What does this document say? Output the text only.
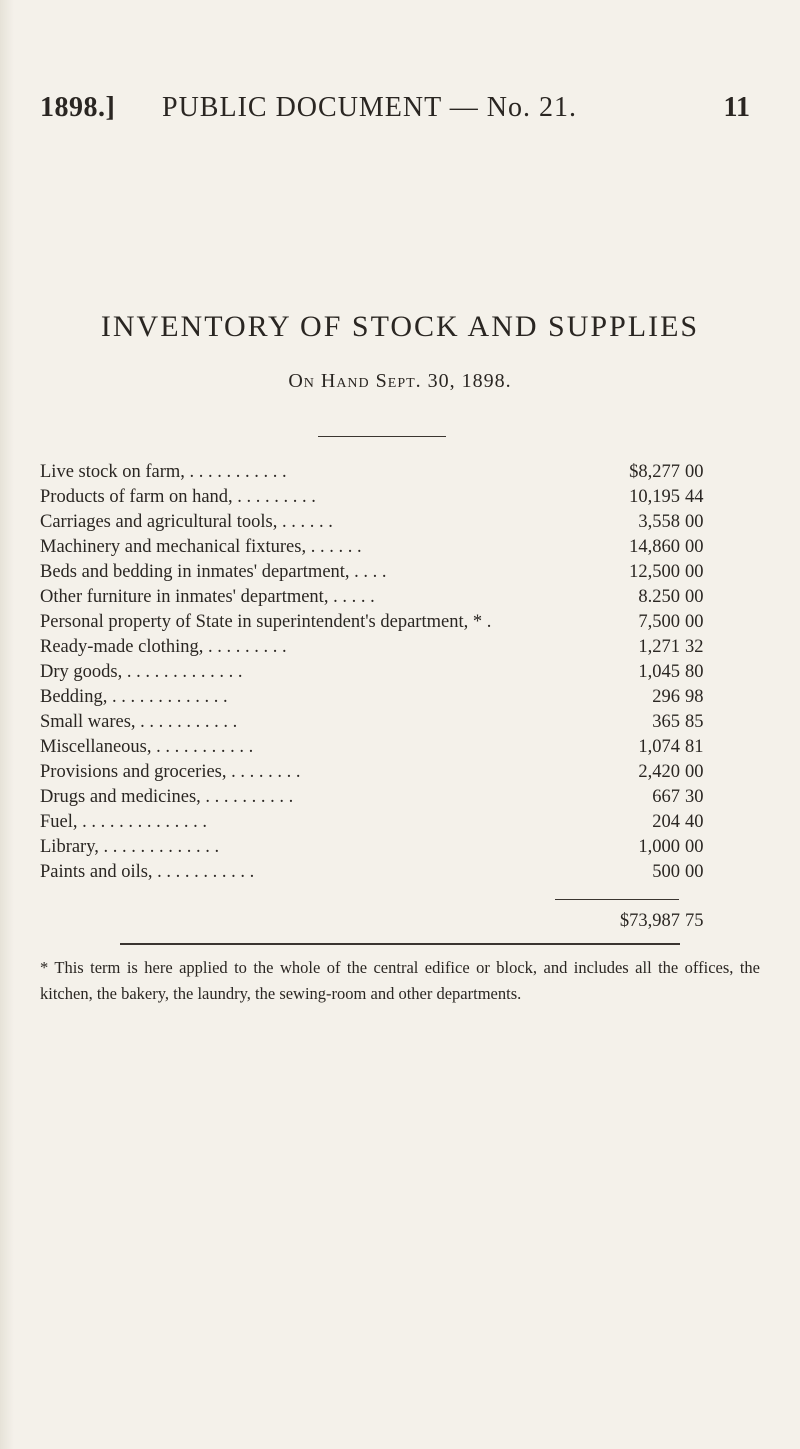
1898.] PUBLIC DOCUMENT — No. 21.	11
INVENTORY OF STOCK AND SUPPLIES
On Hand Sept. 30, 1898.
Live stock on farm, . . . . . . . . . . .	$8,277 00
Products of farm on hand, . . . . . . . . .	10,195 44
Carriages and agricultural tools, . . . . . .	3,558 00
Machinery and mechanical fixtures, . . . . . .	14,860 00
Beds and bedding in inmates' department, . . . .	12,500 00
Other furniture in inmates' department, . . . . .	8.250 00
Personal property of State in superintendent's department, * .	7,500 00
Ready-made clothing, . . . . . . . . .	1,271 32
Dry goods, . . . . . . . . . . . . .	1,045 80
Bedding, . . . . . . . . . . . . .	296 98
Small wares, . . . . . . . . . . .	365 85
Miscellaneous, . . . . . . . . . . .	1,074 81
Provisions and groceries, . . . . . . . .	2,420 00
Drugs and medicines, . . . . . . . . . .	667 30
Fuel, . . . . . . . . . . . . . .	204 40
Library, . . . . . . . . . . . . .	1,000 00
Paints and oils, . . . . . . . . . . .	500 00
$73,987 75
* This term is here applied to the whole of the central edifice or block, and includes all the offices, the kitchen, the bakery, the laundry, the sewing-room and other departments.
